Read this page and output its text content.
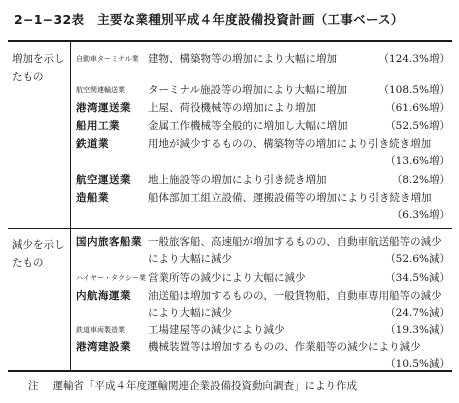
2−1−32表　主要な業種別平成４年度設備投資計画（工事ベース）
増加を示したもの
減少を示したもの
自動車ターミナル業 建物、構築物等の増加により大幅に増加	（124.3%増）
航空関連輸送業	ターミナル施設等の増加により大幅に増加	（108.5%増）
港湾運送業	上屋、荷役機械等の増加により増加	（61.6%増）
船用工業	金属工作機械等全般的に増加し大幅に増加	（52.5%増）
鉄道業	用地が減少するものの、構築物等の増加により引き続き増加
（13.6%増）
航空運送業	地上施設等の増加により引き続き増加	（8.2%増）
造船業	船体部加工組立設備、運搬設備等の増加により引き続き増加
（6.3%増）
国内旅客船業 一般旅客船、高速船が増加するものの、自動車航送船等の減少により大幅に減少	（52.6%減）
ハイヤー・タクシー業 営業所等の減少により大幅に減少	（34.5%減）
内航海運業	油送船は増加するものの、一般貨物船、自動車専用船等の減少により大幅に減少	（24.7%減）
鉄道車両製造業	工場建屋等の減少により減少	（19.3%減）
港湾建設業	機械装置等は増加するものの、作業船等の減少により減少
（10.5%減）
注 運輸省「平成４年度運輸関連企業設備投資動向調査」により作成
